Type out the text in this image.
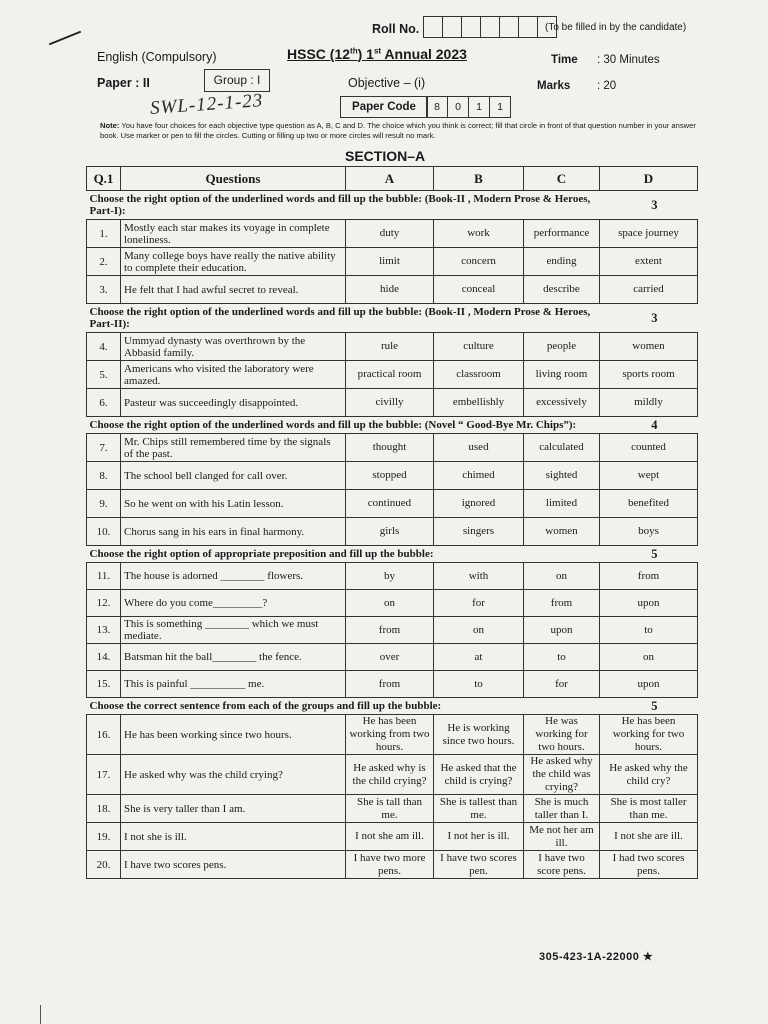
Roll No.	(To be filled in by the candidate)
English (Compulsory)	HSSC (12th) 1st Annual 2023	Time : 30 Minutes
Paper : II	Group : I	Objective – (i)	Marks : 20
SWL-12-1-23	Paper Code	8	0	1	1
Note: You have four choices for each objective type question as A, B, C and D. The choice which you think is correct; fill that circle in front of that question number in your answer book. Use marker or pen to fill the circles. Cutting or filling up two or more circles will result no mark.
SECTION–A
Q.1	Questions	A	B	C	D
Choose the right option of the underlined words and fill up the bubble: (Book-II , Modern Prose & Heroes, Part-I):					3
1.	Mostly each star makes its voyage in complete loneliness.	duty	work	performance	space journey
2.	Many college boys have really the native ability to complete their education.	limit	concern	ending	extent
3.	He felt that I had awful secret to reveal.	hide	conceal	describe	carried
Choose the right option of the underlined words and fill up the bubble: (Book-II , Modern Prose & Heroes, Part-II):					3
4.	Ummyad dynasty was overthrown by the Abbasid family.	rule	culture	people	women
5.	Americans who visited the laboratory were amazed.	practical room	classroom	living room	sports room
6.	Pasteur was succeedingly disappointed.	civilly	embellishly	excessively	mildly
Choose the right option of the underlined words and fill up the bubble: (Novel “ Good-Bye Mr. Chips”):					4
7.	Mr. Chips still remembered time by the signals of the past.	thought	used	calculated	counted
8.	The school bell clanged for call over.	stopped	chimed	sighted	wept
9.	So he went on with his Latin lesson.	continued	ignored	limited	benefited
10.	Chorus sang in his ears in final harmony.	girls	singers	women	boys
Choose the right option of appropriate preposition and fill up the bubble:					5
11.	The house is adorned ________ flowers.	by	with	on	from
12.	Where do you come_________?	on	for	from	upon
13.	This is something ________ which we must mediate.	from	on	upon	to
14.	Batsman hit the ball________ the fence.	over	at	to	on
15.	This is painful __________ me.	from	to	for	upon
Choose the correct sentence from each of the groups and fill up the bubble:					5
16.	He has been working since two hours.	He has been working from two hours.	He is working since two hours.	He was working for two hours.	He has been working for two hours.
17.	He asked why was the child crying?	He asked why is the child crying?	He asked that the child is crying?	He asked why the child was crying?	He asked why the child cry?
18.	She is very taller than I am.	She is tall than me.	She is tallest than me.	She is much taller than I.	She is most taller than me.
19.	I not she is ill.	I not she am ill.	I not her is ill.	Me not her am ill.	I not she are ill.
20.	I have two scores pens.	I have two more pens.	I have two scores pen.	I have two score pens.	I had two scores pens.
305-423-1A-22000 ★
